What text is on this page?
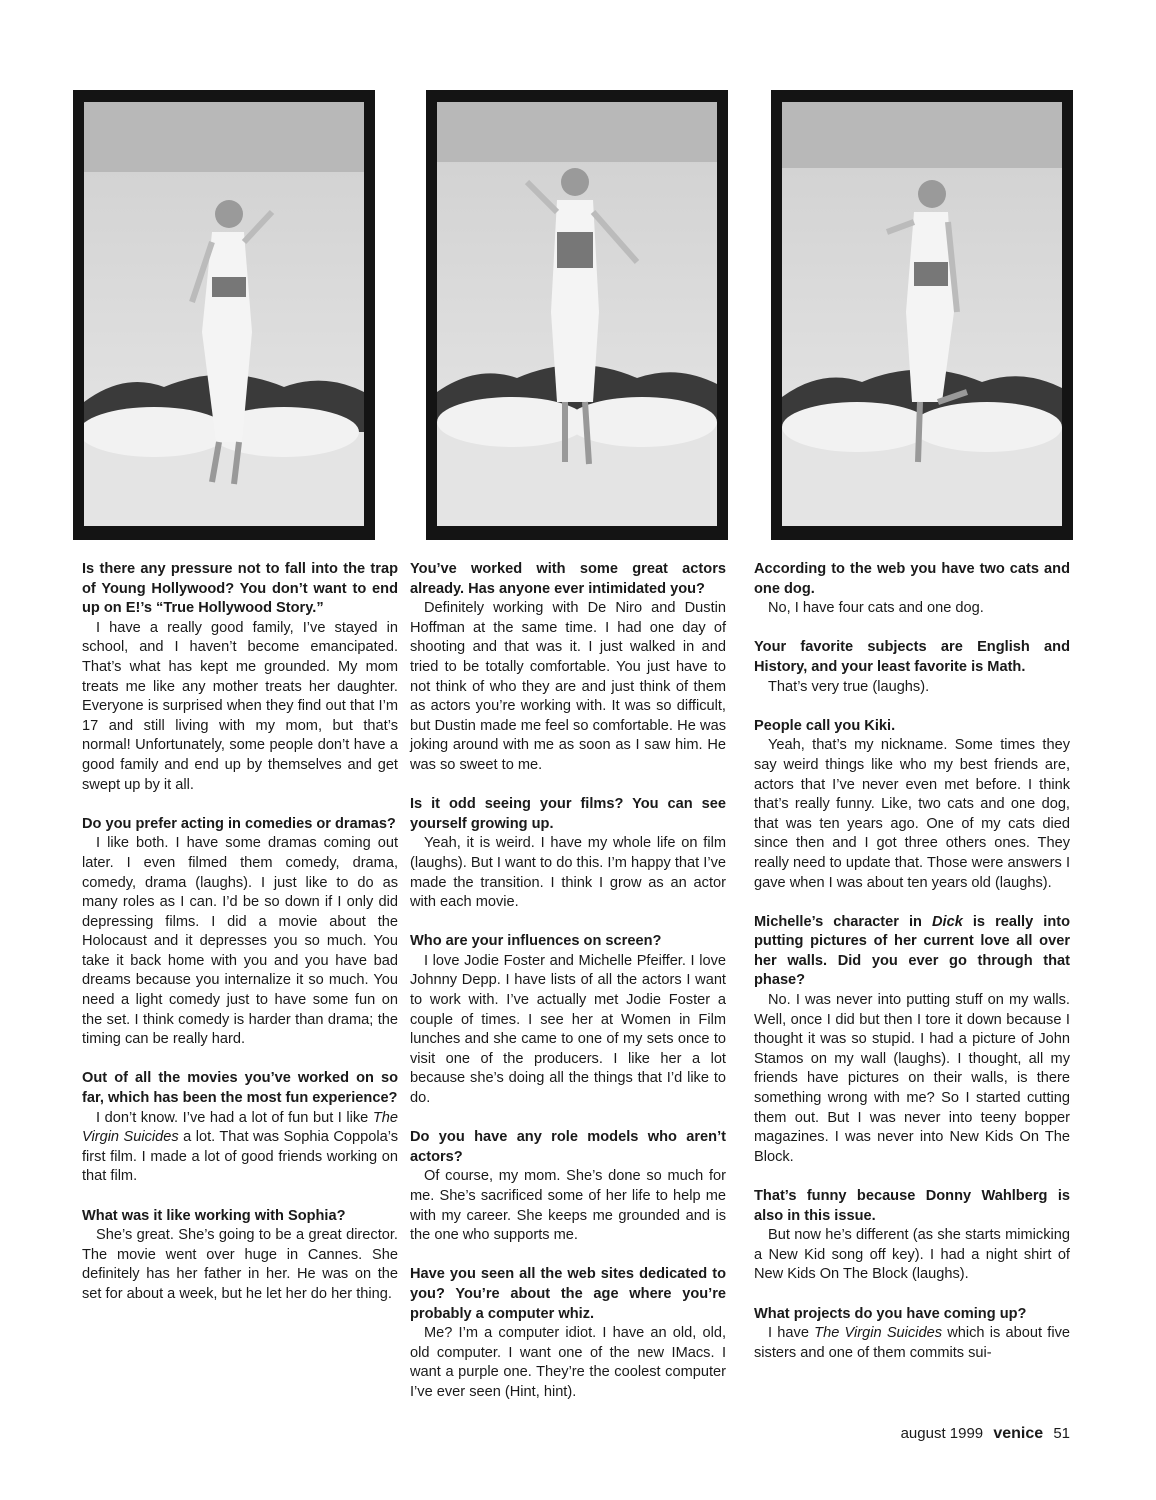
Is there any pressure not to fall into the trap of Young Hollywood? You don’t want to end up on E!’s “True Hollywood Story.”

I have a really good family, I’ve stayed in school, and I haven’t become emancipated. That’s what has kept me grounded. My mom treats me like any mother treats her daughter. Everyone is surprised when they find out that I’m 17 and still living with my mom, but that’s normal! Unfortunately, some people don’t have a good family and end up by themselves and get swept up by it all.

Do you prefer acting in comedies or dramas?

I like both. I have some dramas coming out later. I even filmed them comedy, drama, comedy, drama (laughs). I just like to do as many roles as I can. I’d be so down if I only did depressing films. I did a movie about the Holocaust and it depresses you so much. You take it back home with you and you have bad dreams because you internalize it so much. You need a light comedy just to have some fun on the set. I think comedy is harder than drama; the timing can be really hard.

Out of all the movies you’ve worked on so far, which has been the most fun experience?

I don’t know. I’ve had a lot of fun but I like The Virgin Suicides a lot. That was Sophia Coppola’s first film. I made a lot of good friends working on that film.

What was it like working with Sophia?

She’s great. She’s going to be a great director. The movie went over huge in Cannes. She definitely has her father in her. He was on the set for about a week, but he let her do her thing.

You’ve worked with some great actors already. Has anyone ever intimidated you?

Definitely working with De Niro and Dustin Hoffman at the same time. I had one day of shooting and that was it. I just walked in and tried to be totally comfortable. You just have to not think of who they are and just think of them as actors you’re working with. It was so difficult, but Dustin made me feel so comfortable. He was joking around with me as soon as I saw him. He was so sweet to me.

Is it odd seeing your films? You can see yourself growing up.

Yeah, it is weird. I have my whole life on film (laughs). But I want to do this. I’m happy that I’ve made the transition. I think I grow as an actor with each movie.

Who are your influences on screen?

I love Jodie Foster and Michelle Pfeiffer. I love Johnny Depp. I have lists of all the actors I want to work with. I’ve actually met Jodie Foster a couple of times. I see her at Women in Film lunches and she came to one of my sets once to visit one of the producers. I like her a lot because she’s doing all the things that I’d like to do.

Do you have any role models who aren’t actors?

Of course, my mom. She’s done so much for me. She’s sacrificed some of her life to help me with my career. She keeps me grounded and is the one who supports me.

Have you seen all the web sites dedicated to you? You’re about the age where you’re probably a computer whiz.

Me? I’m a computer idiot. I have an old, old, old computer. I want one of the new IMacs. I want a purple one. They’re the coolest computer I’ve ever seen (Hint, hint).

According to the web you have two cats and one dog.

No, I have four cats and one dog.

Your favorite subjects are English and History, and your least favorite is Math.

That’s very true (laughs).

People call you Kiki.

Yeah, that’s my nickname. Some times they say weird things like who my best friends are, actors that I’ve never even met before. I think that’s really funny. Like, two cats and one dog, that was ten years ago. One of my cats died since then and I got three others ones. They really need to update that. Those were answers I gave when I was about ten years old (laughs).

Michelle’s character in Dick is really into putting pictures of her current love all over her walls. Did you ever go through that phase?

No. I was never into putting stuff on my walls. Well, once I did but then I tore it down because I thought it was so stupid. I had a picture of John Stamos on my wall (laughs). I thought, all my friends have pictures on their walls, is there something wrong with me? So I started cutting them out. But I was never into teeny bopper magazines. I was never into New Kids On The Block.

That’s funny because Donny Wahlberg is also in this issue.

But now he’s different (as she starts mimicking a New Kid song off key). I had a night shirt of New Kids On The Block (laughs).

What projects do you have coming up?

I have The Virgin Suicides which is about five sisters and one of them commits sui-

august 1999 venice 51
